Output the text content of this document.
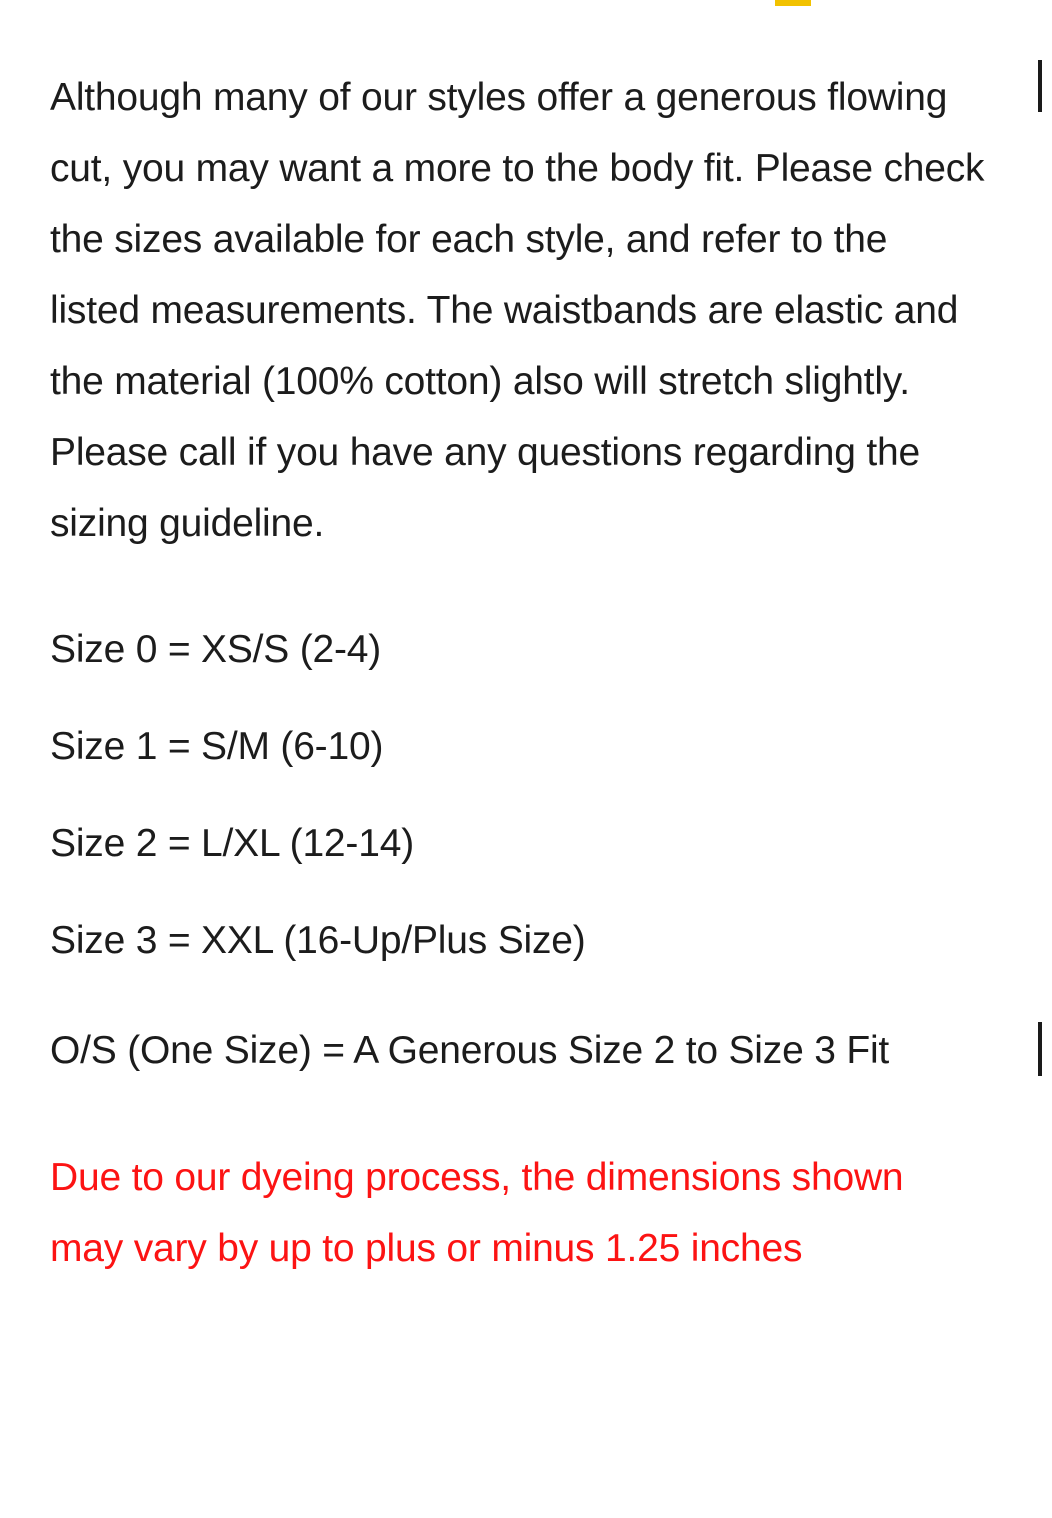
Although many of our styles offer a generous flowing cut, you may want a more to the body fit. Please check the sizes available for each style, and refer to the listed measurements. The waistbands are elastic and the material (100% cotton) also will stretch slightly. Please call if you have any questions regarding the sizing guideline.

Size 0 = XS/S (2-4)
Size 1 = S/M (6-10)
Size 2 = L/XL (12-14)
Size 3 = XXL (16-Up/Plus Size)
O/S (One Size) = A Generous Size 2 to Size 3 Fit
Due to our dyeing process, the dimensions shown may vary by up to plus or minus 1.25 inches
